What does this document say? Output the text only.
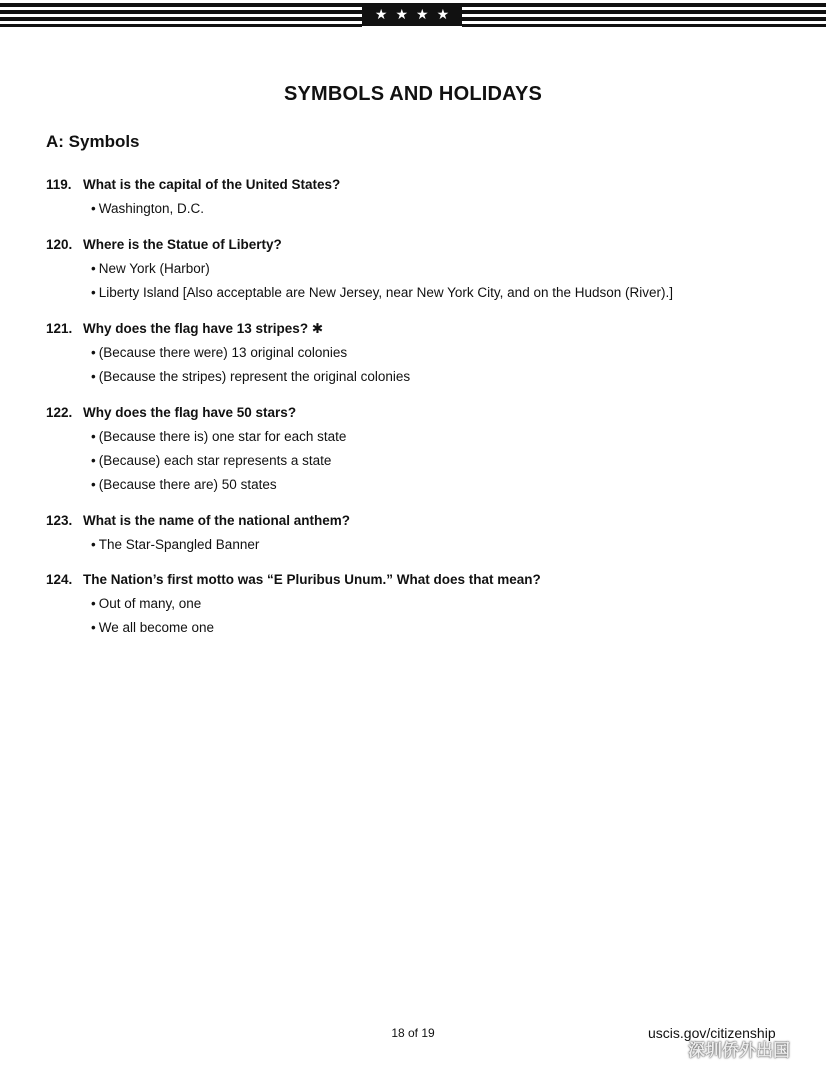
★ ★ ★ ★
SYMBOLS AND HOLIDAYS
A: Symbols
119. What is the capital of the United States?
• Washington, D.C.
120. Where is the Statue of Liberty?
• New York (Harbor)
• Liberty Island [Also acceptable are New Jersey, near New York City, and on the Hudson (River).]
121. Why does the flag have 13 stripes? ✱
• (Because there were) 13 original colonies
• (Because the stripes) represent the original colonies
122. Why does the flag have 50 stars?
• (Because there is) one star for each state
• (Because) each star represents a state
• (Because there are) 50 states
123. What is the name of the national anthem?
• The Star-Spangled Banner
124. The Nation’s first motto was “E Pluribus Unum.” What does that mean?
• Out of many, one
• We all become one
18 of 19	uscis.gov/citizenship
深圳侨外出国
